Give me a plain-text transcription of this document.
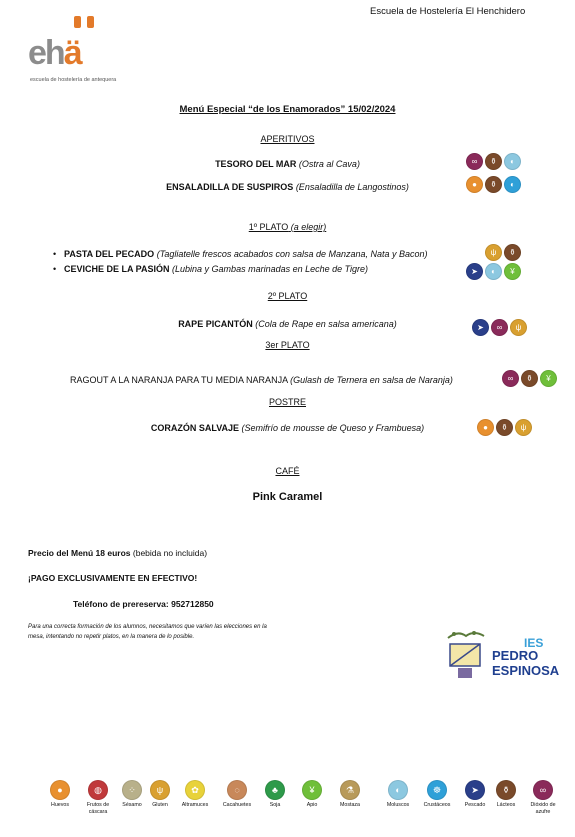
Escuela de Hostelería El Henchidero
ehä
escuela de hostelería de antequera
Menú Especial “de los Enamorados” 15/02/2024
APERITIVOS
TESORO DEL MAR (Ostra al Cava)	∞	⚱	◐
ENSALADILLA DE SUSPIROS (Ensaladilla de Langostinos)	●	⚱	◐
1º PLATO (a elegir)
• PASTA DEL PECADO (Tagliatelle frescos acabados con salsa de Manzana, Nata y Bacon)	ψ	⚱
• CEVICHE DE LA PASIÓN (Lubina y Gambas marinadas en Leche de Tigre)	➤	◐	¥
2º PLATO
RAPE PICANTÓN (Cola de Rape en salsa americana)	➤	∞	ψ
3er PLATO
RAGOUT A LA NARANJA PARA TU MEDIA NARANJA (Gulash de Ternera en salsa de Naranja)	∞	⚱	¥
POSTRE
CORAZÓN SALVAJE (Semifrío de mousse de Queso y Frambuesa)	●	⚱	ψ
CAFÉ
Pink Caramel
Precio del Menú 18 euros (bebida no incluida)
¡PAGO EXCLUSIVAMENTE EN EFECTIVO!
Teléfono de prereserva: 952712850
Para una correcta formación de los alumnos, necesitamos que varíen las elecciones en la mesa, intentando no repetir platos, en la manera de lo posible.	IES
PEDRO
ESPINOSA
●
Huevos
◍
Frutos de cáscara
⁘
Sésamo
ψ
Gluten
✿
Altramuces
◌
Cacahuetes
♣
Soja
¥
Apio
⚗
Mostaza
◐
Moluscos
☸
Crustáceos
➤
Pescado
⚱
Lácteos
∞
Dióxido de azufre
